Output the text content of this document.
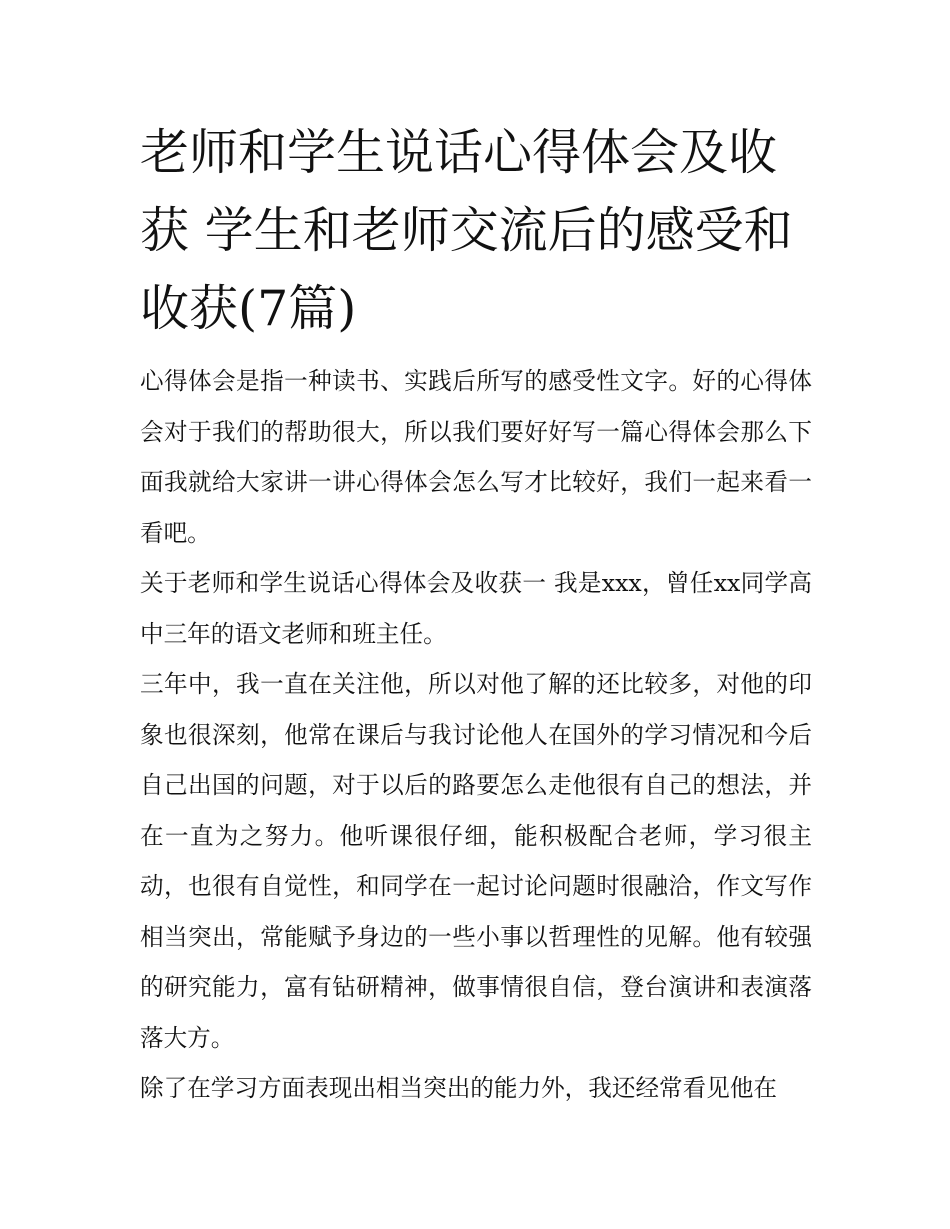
老师和学生说话心得体会及收获 学生和老师交流后的感受和收获(7篇)

心得体会是指一种读书、实践后所写的感受性文字。好的心得体会对于我们的帮助很大，所以我们要好好写一篇心得体会那么下面我就给大家讲一讲心得体会怎么写才比较好，我们一起来看一看吧。

关于老师和学生说话心得体会及收获一 我是xxx，曾任xx同学高中三年的语文老师和班主任。

三年中，我一直在关注他，所以对他了解的还比较多，对他的印象也很深刻，他常在课后与我讨论他人在国外的学习情况和今后自己出国的问题，对于以后的路要怎么走他很有自己的想法，并在一直为之努力。他听课很仔细，能积极配合老师，学习很主动，也很有自觉性，和同学在一起讨论问题时很融洽，作文写作相当突出，常能赋予身边的一些小事以哲理性的见解。他有较强的研究能力，富有钻研精神，做事情很自信，登台演讲和表演落落大方。

除了在学习方面表现出相当突出的能力外，我还经常看见他在
